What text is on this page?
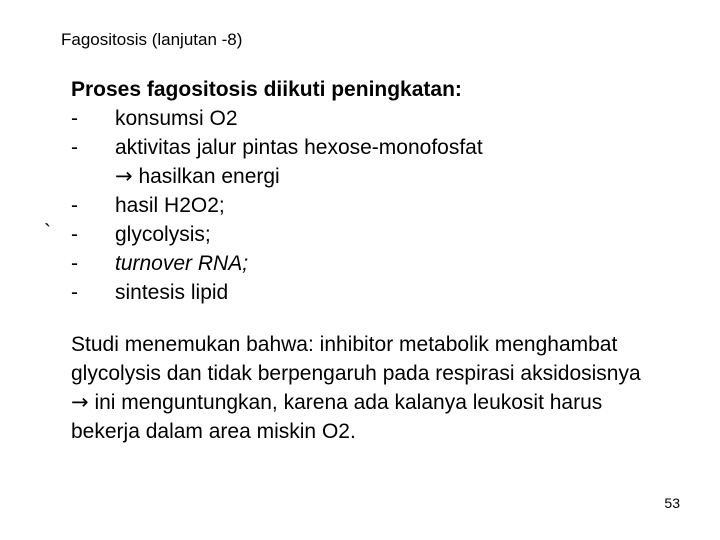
Fagositosis (lanjutan -8)
Proses fagositosis diikuti peningkatan:
-	konsumsi O2
-	aktivitas jalur pintas hexose-monofosfat
→ hasilkan energi
-	hasil H2O2;
-	glycolysis;
-	turnover RNA;
-	sintesis lipid
`
Studi menemukan bahwa: inhibitor metabolik menghambat glycolysis dan tidak berpengaruh pada respirasi aksidosisnya → ini menguntungkan, karena ada kalanya leukosit harus bekerja dalam area miskin O2.
53
